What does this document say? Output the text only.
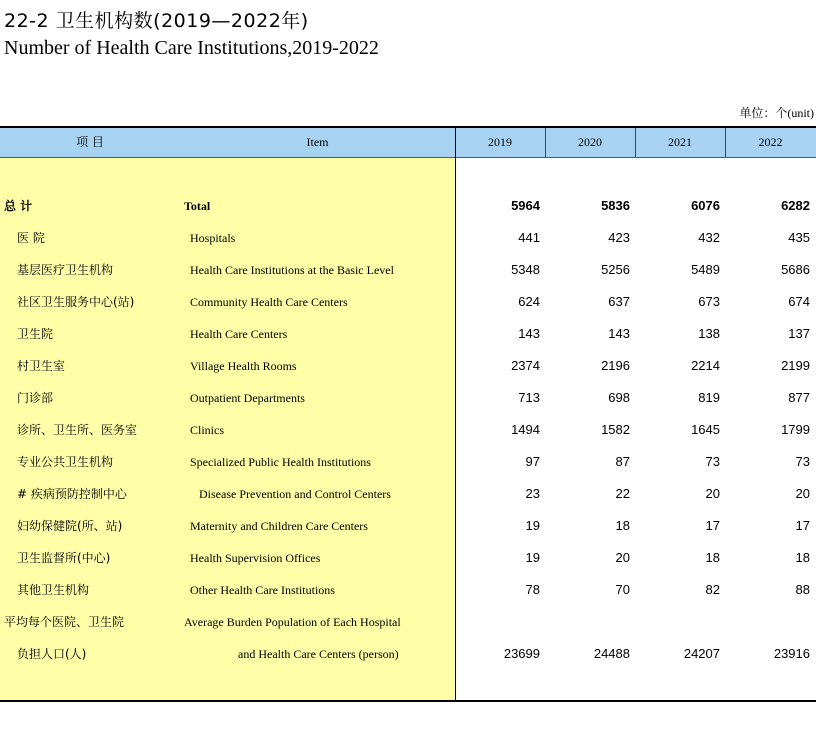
22-2 卫生机构数(2019—2022年)
Number of Health Care Institutions,2019-2022
单位：个(unit)
项 目	Item	2019	2020	2021	2022
总 计	Total	5964	5836	6076	6282
医 院	Hospitals	441	423	432	435
基层医疗卫生机构	Health Care Institutions at the Basic Level	5348	5256	5489	5686
社区卫生服务中心(站)	Community Health Care Centers	624	637	673	674
卫生院	Health Care Centers	143	143	138	137
村卫生室	Village Health Rooms	2374	2196	2214	2199
门诊部	Outpatient Departments	713	698	819	877
诊所、卫生所、医务室	Clinics	1494	1582	1645	1799
专业公共卫生机构	Specialized Public Health Institutions	97	87	73	73
# 疾病预防控制中心	Disease Prevention and Control Centers	23	22	20	20
妇幼保健院(所、站)	Maternity and Children Care Centers	19	18	17	17
卫生监督所(中心)	Health Supervision Offices	19	20	18	18
其他卫生机构	Other Health Care Institutions	78	70	82	88
平均每个医院、卫生院	Average Burden Population of Each Hospital
负担人口(人)	and Health Care Centers (person)	23699	24488	24207	23916
